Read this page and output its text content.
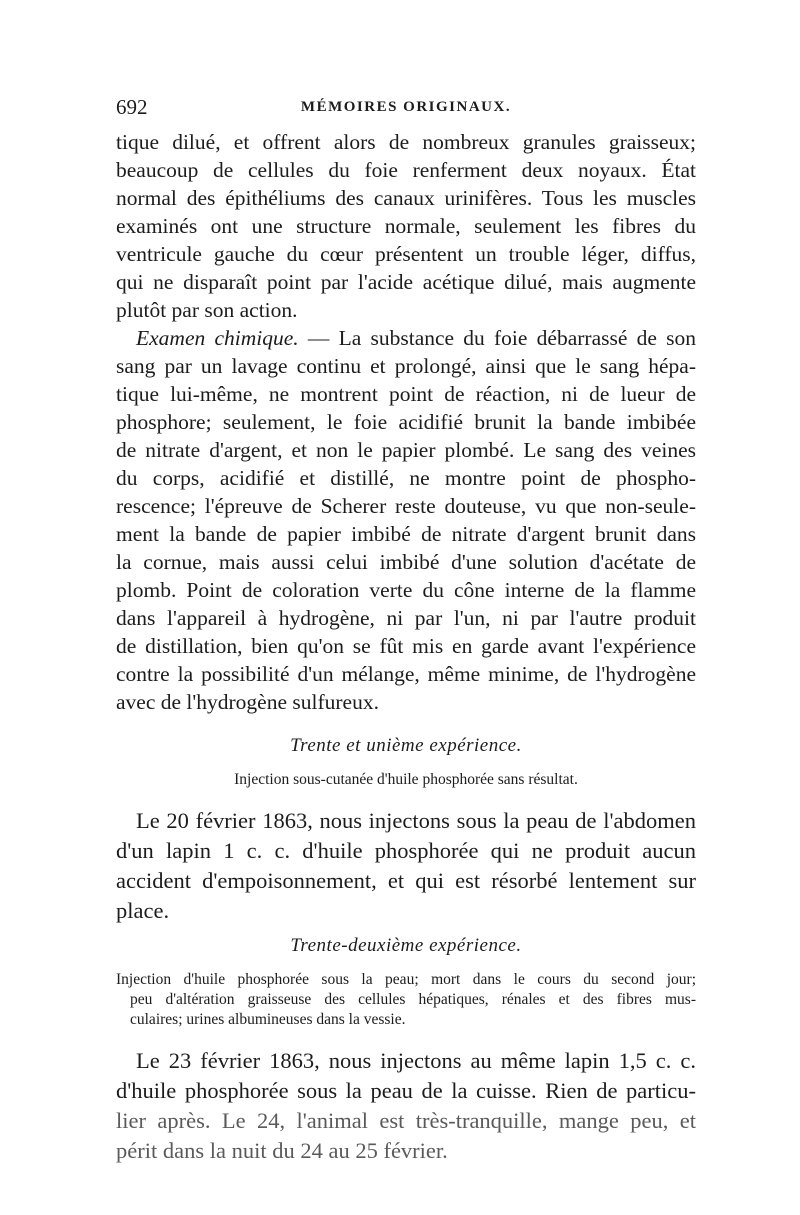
692	MÉMOIRES ORIGINAUX.
tique dilué, et offrent alors de nombreux granules graisseux;
beaucoup de cellules du foie renferment deux noyaux. État
normal des épithéliums des canaux urinifères. Tous les muscles
examinés ont une structure normale, seulement les fibres du
ventricule gauche du cœur présentent un trouble léger, diffus,
qui ne disparaît point par l'acide acétique dilué, mais augmente
plutôt par son action.
Examen chimique. — La substance du foie débarrassé de son
sang par un lavage continu et prolongé, ainsi que le sang hépa-
tique lui-même, ne montrent point de réaction, ni de lueur de
phosphore; seulement, le foie acidifié brunit la bande imbibée
de nitrate d'argent, et non le papier plombé. Le sang des veines
du corps, acidifié et distillé, ne montre point de phospho-
rescence; l'épreuve de Scherer reste douteuse, vu que non-seule-
ment la bande de papier imbibé de nitrate d'argent brunit dans
la cornue, mais aussi celui imbibé d'une solution d'acétate de
plomb. Point de coloration verte du cône interne de la flamme
dans l'appareil à hydrogène, ni par l'un, ni par l'autre produit
de distillation, bien qu'on se fût mis en garde avant l'expérience
contre la possibilité d'un mélange, même minime, de l'hydrogène
avec de l'hydrogène sulfureux.
Trente et unième expérience.
Injection sous-cutanée d'huile phosphorée sans résultat.
Le 20 février 1863, nous injectons sous la peau de l'abdomen
d'un lapin 1 c. c. d'huile phosphorée qui ne produit aucun
accident d'empoisonnement, et qui est résorbé lentement sur
place.
Trente-deuxième expérience.
Injection d'huile phosphorée sous la peau; mort dans le cours du second jour;
peu d'altération graisseuse des cellules hépatiques, rénales et des fibres mus-
culaires; urines albumineuses dans la vessie.
Le 23 février 1863, nous injectons au même lapin 1,5 c. c.
d'huile phosphorée sous la peau de la cuisse. Rien de particu-
lier après. Le 24, l'animal est très-tranquille, mange peu, et
périt dans la nuit du 24 au 25 février.
